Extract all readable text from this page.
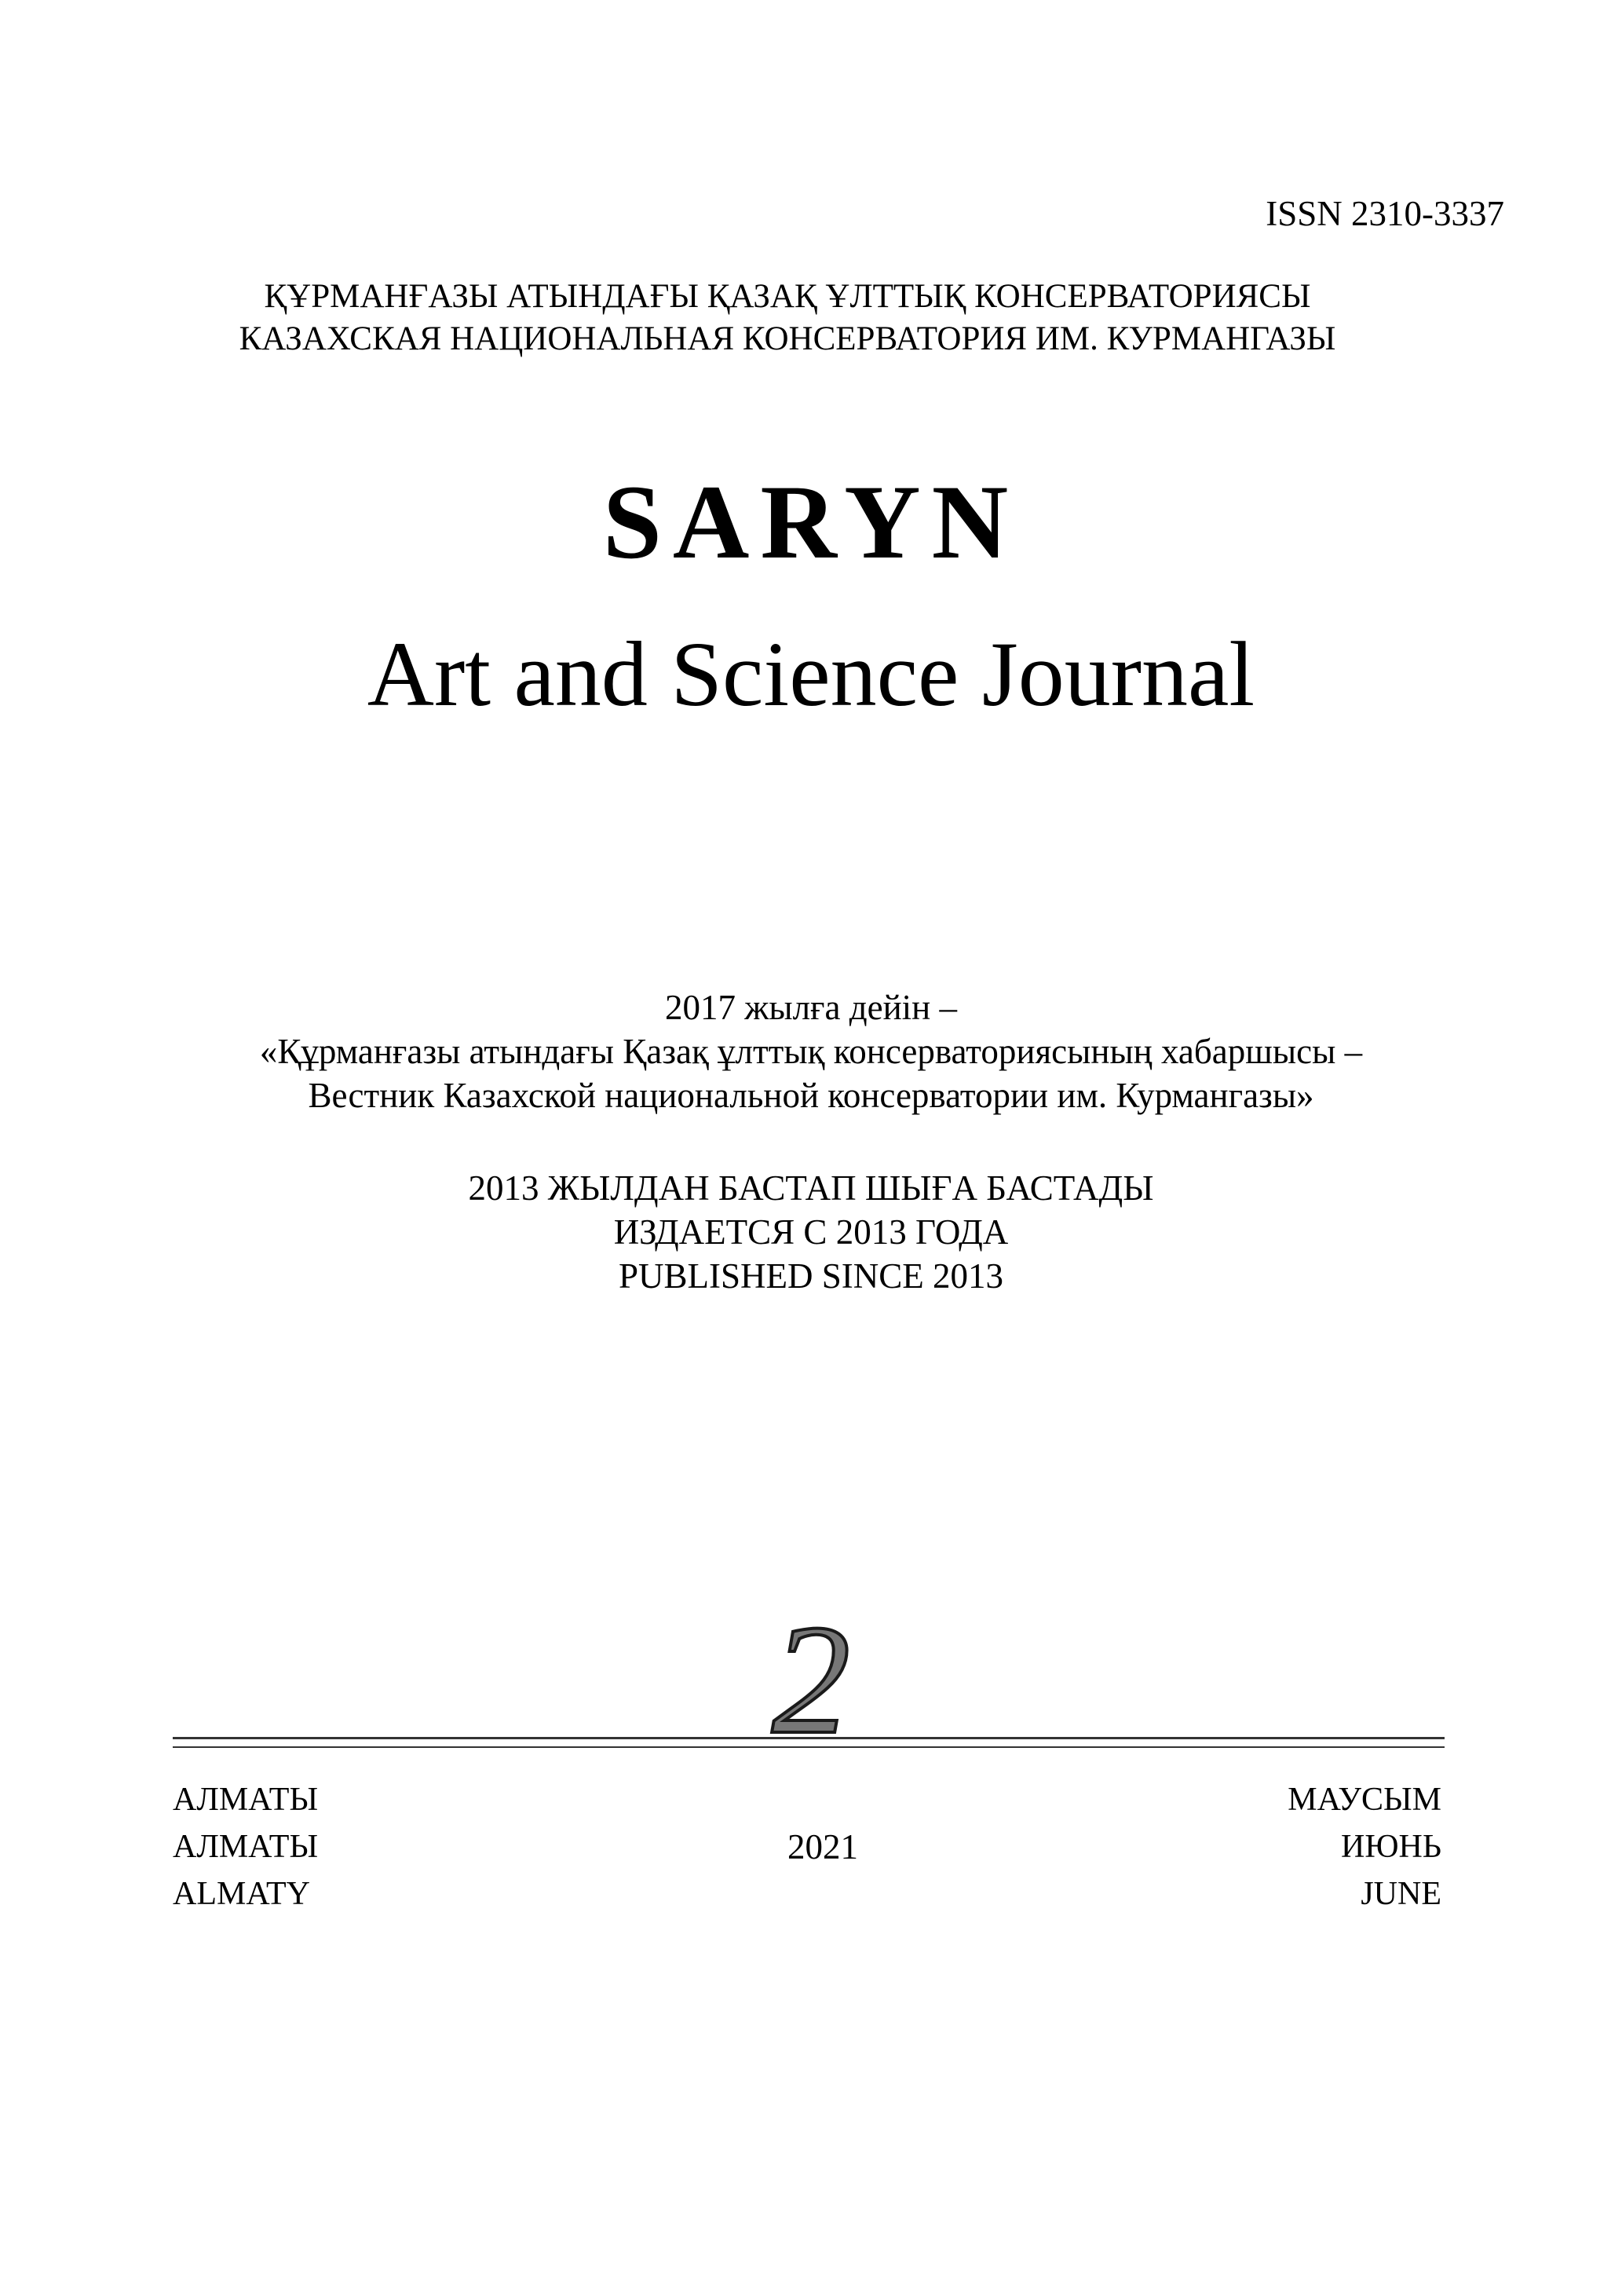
ISSN 2310-3337
ҚҰРМАНҒАЗЫ АТЫНДАҒЫ ҚАЗАҚ ҰЛТТЫҚ КОНСЕРВАТОРИЯСЫ
КАЗАХСКАЯ НАЦИОНАЛЬНАЯ КОНСЕРВАТОРИЯ ИМ. КУРМАНГАЗЫ
SARYN
Art and Science Journal
2017 жылға дейін –
«Құрманғазы атындағы Қазақ ұлттық консерваториясының хабаршысы –
Вестник Казахской национальной консерватории им. Курмангазы»
2013 ЖЫЛДАН БАСТАП ШЫҒА БАСТАДЫ
ИЗДАЕТСЯ С 2013 ГОДА
PUBLISHED SINCE 2013
2
АЛМАТЫ
АЛМАТЫ
ALMATY
2021
МАУСЫМ
ИЮНЬ
JUNE
